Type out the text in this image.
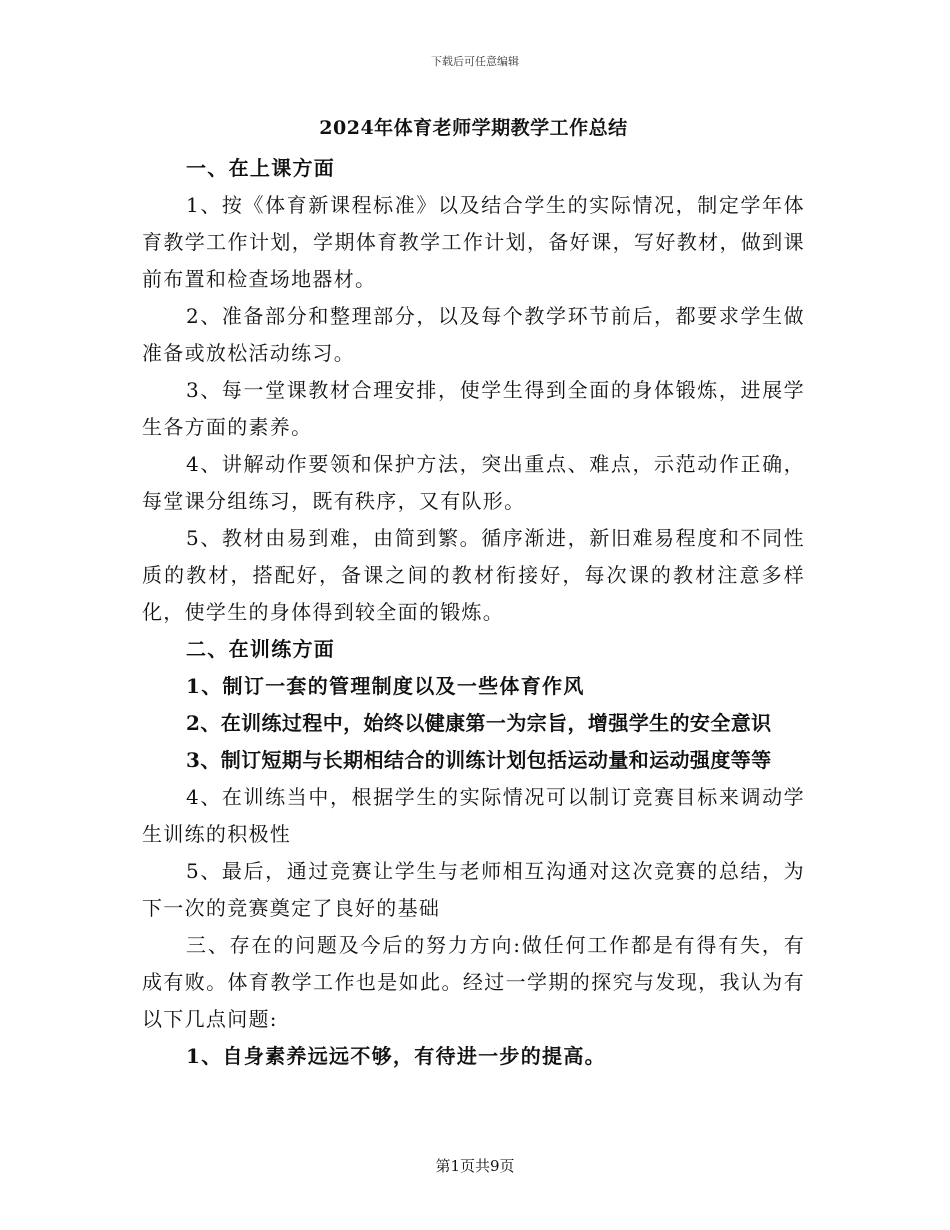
下载后可任意编辑
2024年体育老师学期教学工作总结

一、在上课方面

1、按《体育新课程标准》以及结合学生的实际情况，制定学年体育教学工作计划，学期体育教学工作计划，备好课，写好教材，做到课前布置和检查场地器材。

2、准备部分和整理部分，以及每个教学环节前后，都要求学生做准备或放松活动练习。

3、每一堂课教材合理安排，使学生得到全面的身体锻炼，进展学生各方面的素养。

4、讲解动作要领和保护方法，突出重点、难点，示范动作正确，每堂课分组练习，既有秩序，又有队形。

5、教材由易到难，由简到繁。循序渐进，新旧难易程度和不同性质的教材，搭配好，备课之间的教材衔接好，每次课的教材注意多样化，使学生的身体得到较全面的锻炼。

二、在训练方面

1、制订一套的管理制度以及一些体育作风

2、在训练过程中，始终以健康第一为宗旨，增强学生的安全意识

3、制订短期与长期相结合的训练计划包括运动量和运动强度等等

4、在训练当中，根据学生的实际情况可以制订竞赛目标来调动学生训练的积极性

5、最后，通过竞赛让学生与老师相互沟通对这次竞赛的总结，为下一次的竞赛奠定了良好的基础

三、存在的问题及今后的努力方向:做任何工作都是有得有失，有成有败。体育教学工作也是如此。经过一学期的探究与发现，我认为有以下几点问题:

1、自身素养远远不够，有待进一步的提高。

第1页共9页
